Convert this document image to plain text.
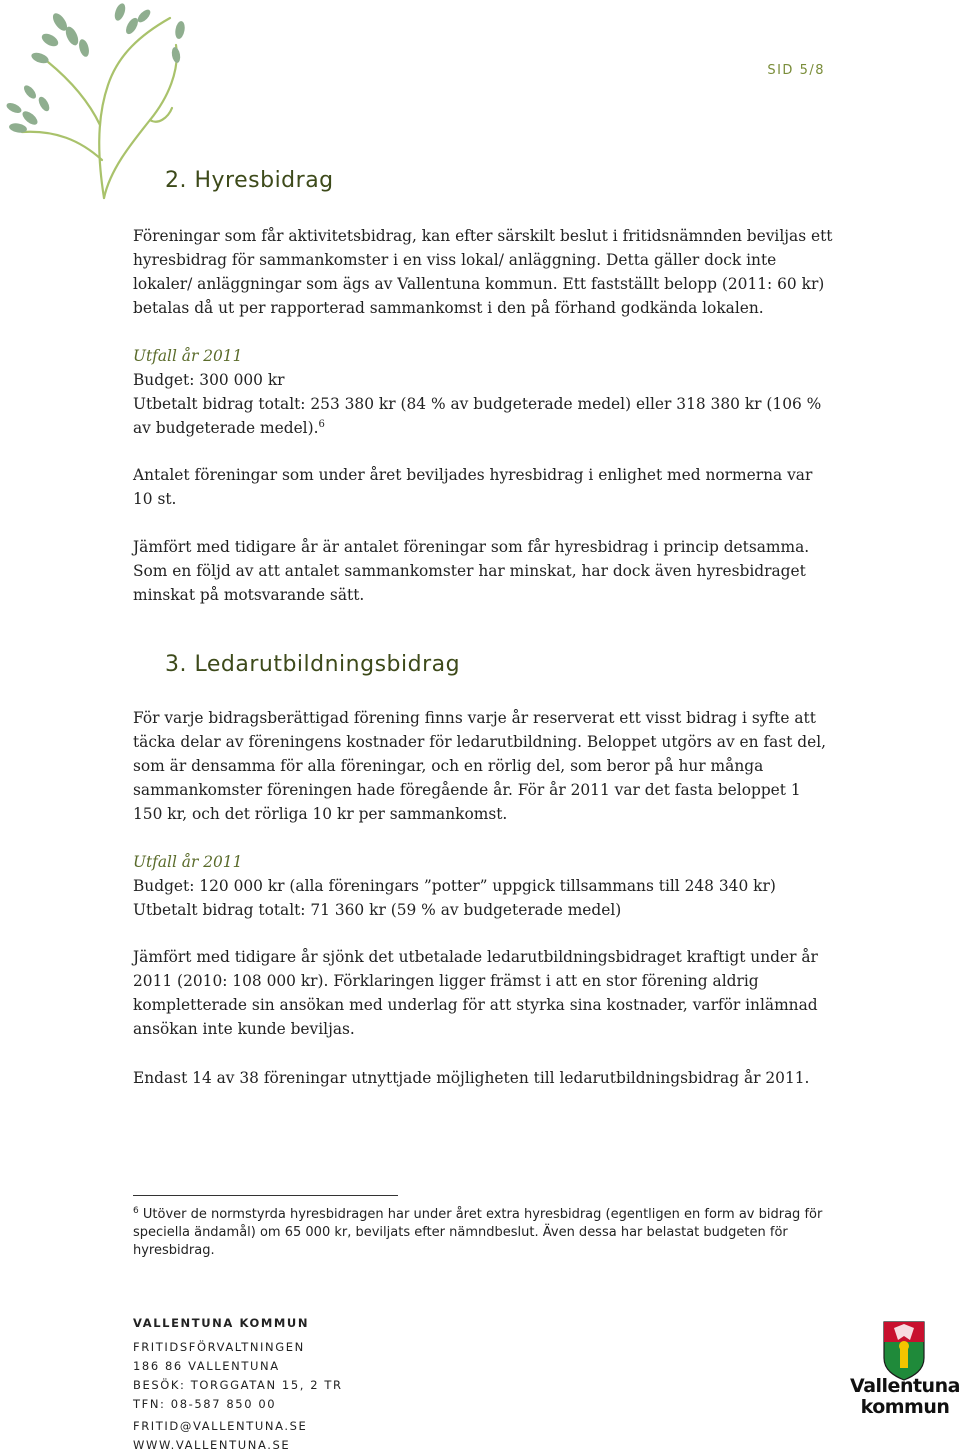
SID 5/8
2. Hyresbidrag

Föreningar som får aktivitetsbidrag, kan efter särskilt beslut i fritidsnämnden beviljas ett hyresbidrag för sammankomster i en viss lokal/ anläggning. Detta gäller dock inte lokaler/ anläggningar som ägs av Vallentuna kommun. Ett fastställt belopp (2011: 60 kr) betalas då ut per rapporterad sammankomst i den på förhand godkända lokalen.

Utfall år 2011
Budget: 300 000 kr
Utbetalt bidrag totalt: 253 380 kr (84 % av budgeterade medel) eller 318 380 kr (106 % av budgeterade medel).$^6$

Antalet föreningar som under året beviljades hyresbidrag i enlighet med normerna var 10 st.

Jämfört med tidigare år är antalet föreningar som får hyresbidrag i princip detsamma. Som en följd av att antalet sammankomster har minskat, har dock även hyresbidraget minskat på motsvarande sätt.

3. Ledarutbildningsbidrag

För varje bidragsberättigad förening finns varje år reserverat ett visst bidrag i syfte att täcka delar av föreningens kostnader för ledarutbildning. Beloppet utgörs av en fast del, som är densamma för alla föreningar, och en rörlig del, som beror på hur många sammankomster föreningen hade föregående år. För år 2011 var det fasta beloppet 1 150 kr, och det rörliga 10 kr per sammankomst.

Utfall år 2011
Budget: 120 000 kr (alla föreningars ”potter” uppgick tillsammans till 248 340 kr)
Utbetalt bidrag totalt: 71 360 kr (59 % av budgeterade medel)

Jämfört med tidigare år sjönk det utbetalade ledarutbildningsbidraget kraftigt under år 2011 (2010: 108 000 kr). Förklaringen ligger främst i att en stor förening aldrig kompletterade sin ansökan med underlag för att styrka sina kostnader, varför inlämnad ansökan inte kunde beviljas.

Endast 14 av 38 föreningar utnyttjade möjligheten till ledarutbildningsbidrag år 2011.

$^6$ Utöver de normstyrda hyresbidragen har under året extra hyresbidrag (egentligen en form av bidrag för speciella ändamål) om 65 000 kr, beviljats efter nämndbeslut. Även dessa har belastat budgeten för hyresbidrag.

VALLENTUNA KOMMUN
FRITIDSFÖRVALTNINGEN
186 86 VALLENTUNA
BESÖK: TORGGATAN 15, 2 TR
TFN: 08-587 850 00
FRITID@VALLENTUNA.SE
WWW.VALLENTUNA.SE
Vallentuna
kommun
